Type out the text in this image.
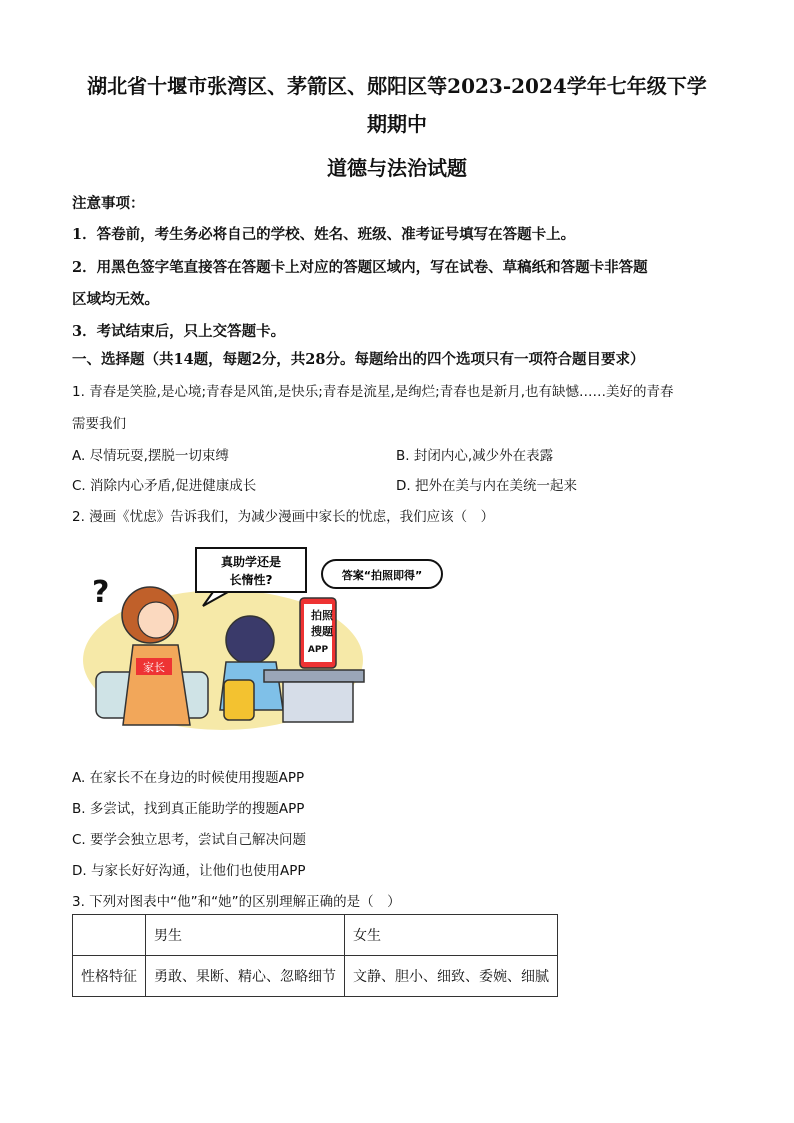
湖北省十堰市张湾区、茅箭区、郧阳区等2023-2024学年七年级下学
期期中
道德与法治试题
注意事项：
1．答卷前，考生务必将自己的学校、姓名、班级、准考证号填写在答题卡上。
2．用黑色签字笔直接答在答题卡上对应的答题区域内，写在试卷、草稿纸和答题卡非答题
区域均无效。
3．考试结束后，只上交答题卡。
一、选择题（共14题，每题2分，共28分。每题给出的四个选项只有一项符合题目要求）
1. 青春是笑脸,是心境;青春是风笛,是快乐;青春是流星,是绚烂;青春也是新月,也有缺憾……美好的青春
需要我们
A. 尽情玩耍,摆脱一切束缚	B. 封闭内心,减少外在表露
C. 消除内心矛盾,促进健康成长	D. 把外在美与内在美统一起来
2. 漫画《忧虑》告诉我们，为减少漫画中家长的忧虑，我们应该（　）
家长
?
拍 照
搜 题
APP
真助学还是
长惰性?	答案“拍照即得”
A. 在家长不在身边的时候使用搜题APP
B. 多尝试，找到真正能助学的搜题APP
C. 要学会独立思考，尝试自己解决问题
D. 与家长好好沟通，让他们也使用APP
3. 下列对图表中“他”和“她”的区别理解正确的是（　）
	男生	女生
性格特征	勇敢、果断、精心、忽略细节	文静、胆小、细致、委婉、细腻
